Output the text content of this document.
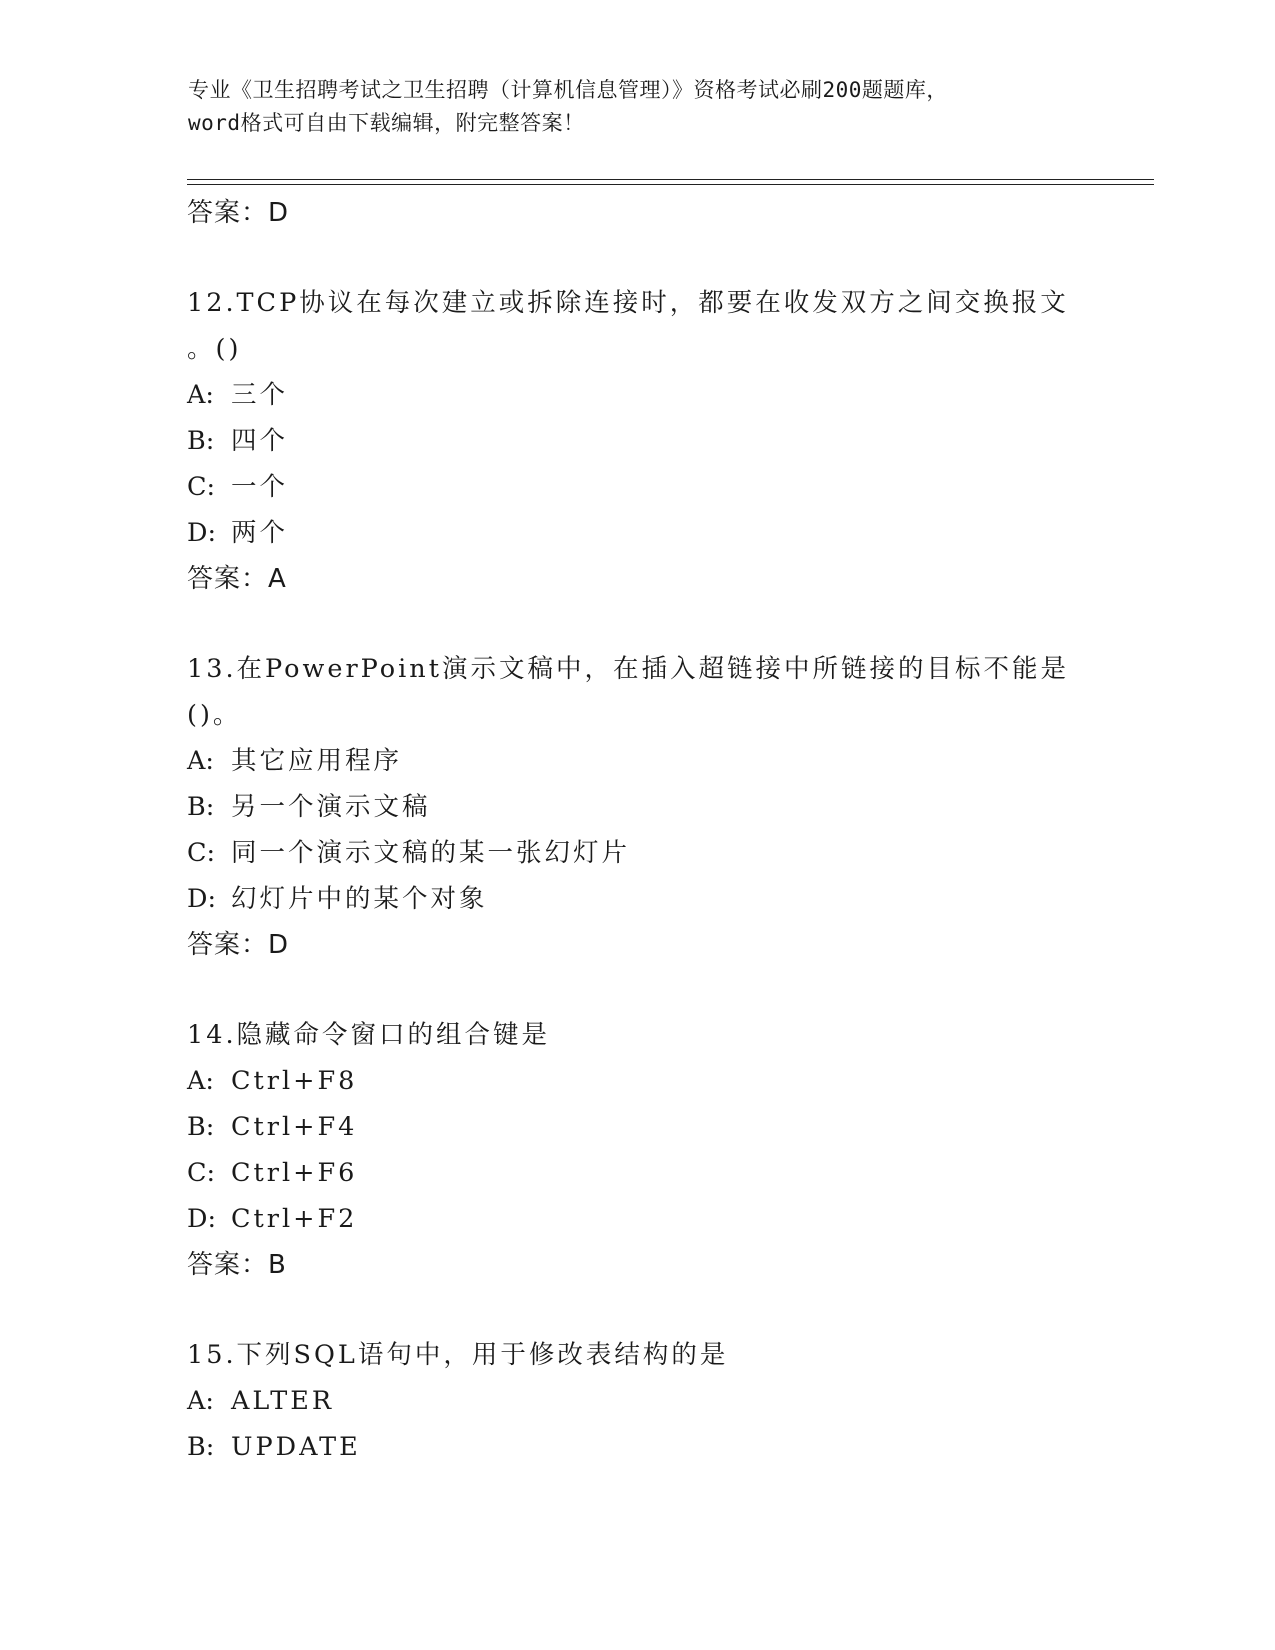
专业《卫生招聘考试之卫生招聘（计算机信息管理）》资格考试必刷200题题库，
word格式可自由下载编辑，附完整答案！
答案：D
12.TCP协议在每次建立或拆除连接时，都要在收发双方之间交换报文
。()
A: 三个
B: 四个
C: 一个
D: 两个
答案：A
13.在PowerPoint演示文稿中，在插入超链接中所链接的目标不能是
()。
A: 其它应用程序
B: 另一个演示文稿
C: 同一个演示文稿的某一张幻灯片
D: 幻灯片中的某个对象
答案：D
14.隐藏命令窗口的组合键是
A: Ctrl+F8
B: Ctrl+F4
C: Ctrl+F6
D: Ctrl+F2
答案：B
15.下列SQL语句中，用于修改表结构的是
A: ALTER
B: UPDATE
